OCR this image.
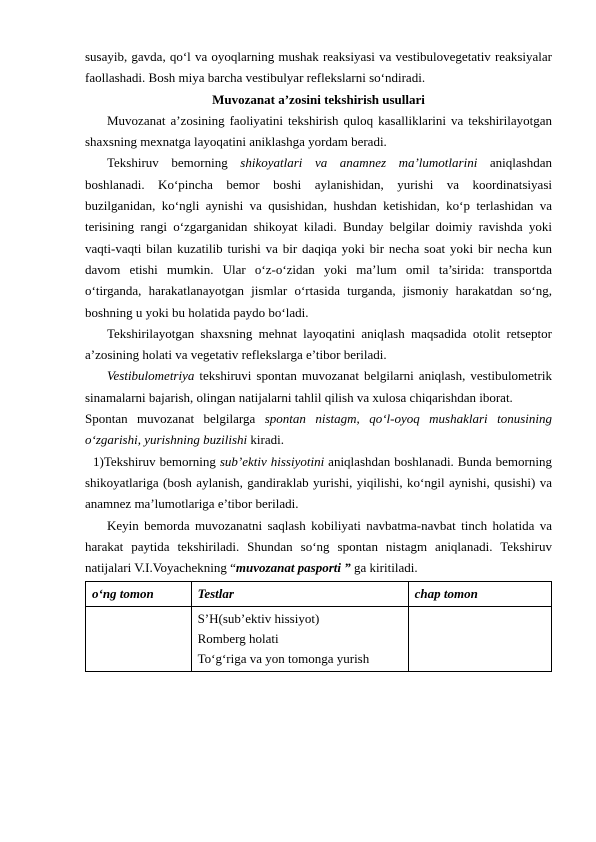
susayib, gavda, qo‘l va oyoqlarning mushak reaksiyasi va vestibulovegetativ reaksiyalar faollashadi. Bosh miya barcha vestibulyar reflekslarni so‘ndiradi.

Muvozanat a’zosini tekshirish usullari

Muvozanat a’zosining faoliyatini tekshirish quloq kasalliklarini va tekshirilayotgan shaxsning mexnatga layoqatini aniklashga yordam beradi.

Tekshiruv bemorning shikoyatlari va anamnez ma’lumotlarini aniqlashdan boshlanadi. Ko‘pincha bemor boshi aylanishidan, yurishi va koordinatsiyasi buzilganidan, ko‘ngli aynishi va qusishidan, hushdan ketishidan, ko‘p terlashidan va terisining rangi o‘zgarganidan shikoyat kiladi. Bunday belgilar doimiy ravishda yoki vaqti-vaqti bilan kuzatilib turishi va bir daqiqa yoki bir necha soat yoki bir necha kun davom etishi mumkin. Ular o‘z-o‘zidan yoki ma’lum omil ta’sirida: transportda o‘tirganda, harakatlanayotgan jismlar o‘rtasida turganda, jismoniy harakatdan so‘ng, boshning u yoki bu holatida paydo bo‘ladi.

Tekshirilayotgan shaxsning mehnat layoqatini aniqlash maqsadida otolit retseptor a’zosining holati va vegetativ reflekslarga e’tibor beriladi.

Vestibulometriya tekshiruvi spontan muvozanat belgilarni aniqlash, vestibulometrik sinamalarni bajarish, olingan natijalarni tahlil qilish va xulosa chiqarishdan iborat.

Spontan muvozanat belgilarga spontan nistagm, qo‘l-oyoq mushaklari tonusining o‘zgarishi, yurishning buzilishi kiradi.

1)Tekshiruv bemorning sub’ektiv hissiyotini aniqlashdan boshlanadi. Bunda bemorning shikoyatlariga (bosh aylanish, gandiraklab yurishi, yiqilishi, ko‘ngil aynishi, qusishi) va anamnez ma’lumotlariga e’tibor beriladi.

Keyin bemorda muvozanatni saqlash kobiliyati navbatma-navbat tinch holatida va harakat paytida tekshiriladi. Shundan so‘ng spontan nistagm aniqlanadi. Tekshiruv natijalari V.I.Voyachekning “muvozanat pasporti ” ga kiritiladi.

o‘ng tomon	Testlar	chap tomon

	S’H(sub’ektiv hissiyot)
Romberg holati
To‘g‘riga va yon tomonga yurish	
